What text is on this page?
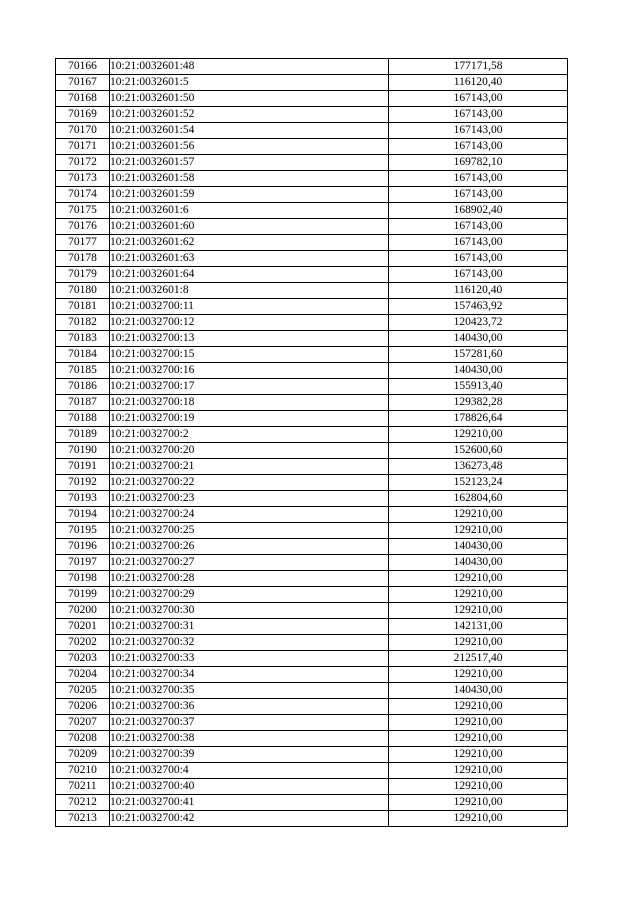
70166	10:21:0032601:48	177171,58
70167	10:21:0032601:5	116120,40
70168	10:21:0032601:50	167143,00
70169	10:21:0032601:52	167143,00
70170	10:21:0032601:54	167143,00
70171	10:21:0032601:56	167143,00
70172	10:21:0032601:57	169782,10
70173	10:21:0032601:58	167143,00
70174	10:21:0032601:59	167143,00
70175	10:21:0032601:6	168902,40
70176	10:21:0032601:60	167143,00
70177	10:21:0032601:62	167143,00
70178	10:21:0032601:63	167143,00
70179	10:21:0032601:64	167143,00
70180	10:21:0032601:8	116120,40
70181	10:21:0032700:11	157463,92
70182	10:21:0032700:12	120423,72
70183	10:21:0032700:13	140430,00
70184	10:21:0032700:15	157281,60
70185	10:21:0032700:16	140430,00
70186	10:21:0032700:17	155913,40
70187	10:21:0032700:18	129382,28
70188	10:21:0032700:19	178826,64
70189	10:21:0032700:2	129210,00
70190	10:21:0032700:20	152600,60
70191	10:21:0032700:21	136273,48
70192	10:21:0032700:22	152123,24
70193	10:21:0032700:23	162804,60
70194	10:21:0032700:24	129210,00
70195	10:21:0032700:25	129210,00
70196	10:21:0032700:26	140430,00
70197	10:21:0032700:27	140430,00
70198	10:21:0032700:28	129210,00
70199	10:21:0032700:29	129210,00
70200	10:21:0032700:30	129210,00
70201	10:21:0032700:31	142131,00
70202	10:21:0032700:32	129210,00
70203	10:21:0032700:33	212517,40
70204	10:21:0032700:34	129210,00
70205	10:21:0032700:35	140430,00
70206	10:21:0032700:36	129210,00
70207	10:21:0032700:37	129210,00
70208	10:21:0032700:38	129210,00
70209	10:21:0032700:39	129210,00
70210	10:21:0032700:4	129210,00
70211	10:21:0032700:40	129210,00
70212	10:21:0032700:41	129210,00
70213	10:21:0032700:42	129210,00
